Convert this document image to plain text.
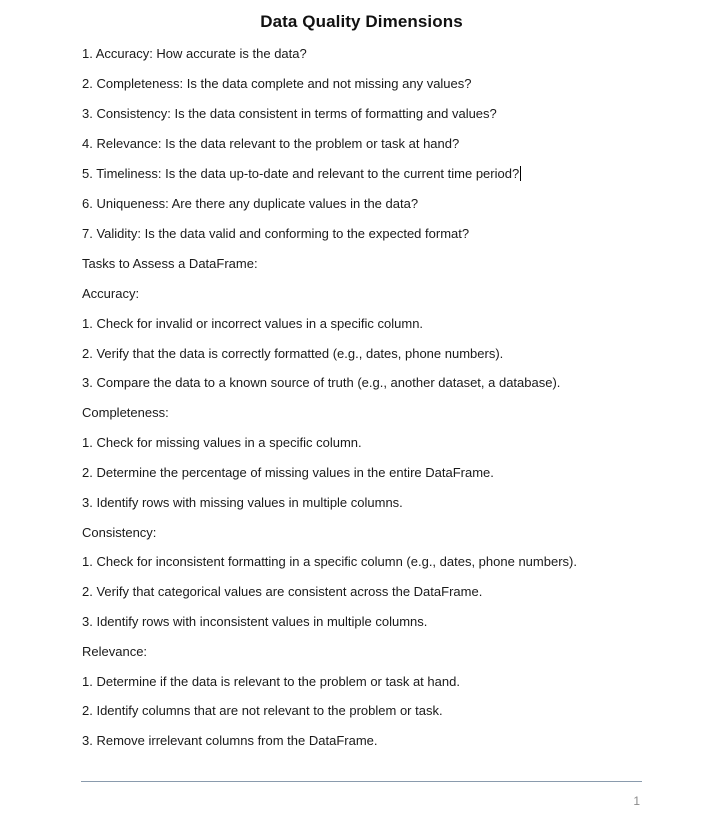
Data Quality Dimensions
1. Accuracy: How accurate is the data?
2. Completeness: Is the data complete and not missing any values?
3. Consistency: Is the data consistent in terms of formatting and values?
4. Relevance: Is the data relevant to the problem or task at hand?
5. Timeliness: Is the data up-to-date and relevant to the current time period?
6. Uniqueness: Are there any duplicate values in the data?
7. Validity: Is the data valid and conforming to the expected format?
Tasks to Assess a DataFrame:
Accuracy:
1. Check for invalid or incorrect values in a specific column.
2. Verify that the data is correctly formatted (e.g., dates, phone numbers).
3. Compare the data to a known source of truth (e.g., another dataset, a database).
Completeness:
1. Check for missing values in a specific column.
2. Determine the percentage of missing values in the entire DataFrame.
3. Identify rows with missing values in multiple columns.
Consistency:
1. Check for inconsistent formatting in a specific column (e.g., dates, phone numbers).
2. Verify that categorical values are consistent across the DataFrame.
3. Identify rows with inconsistent values in multiple columns.
Relevance:
1. Determine if the data is relevant to the problem or task at hand.
2. Identify columns that are not relevant to the problem or task.
3. Remove irrelevant columns from the DataFrame.
1
